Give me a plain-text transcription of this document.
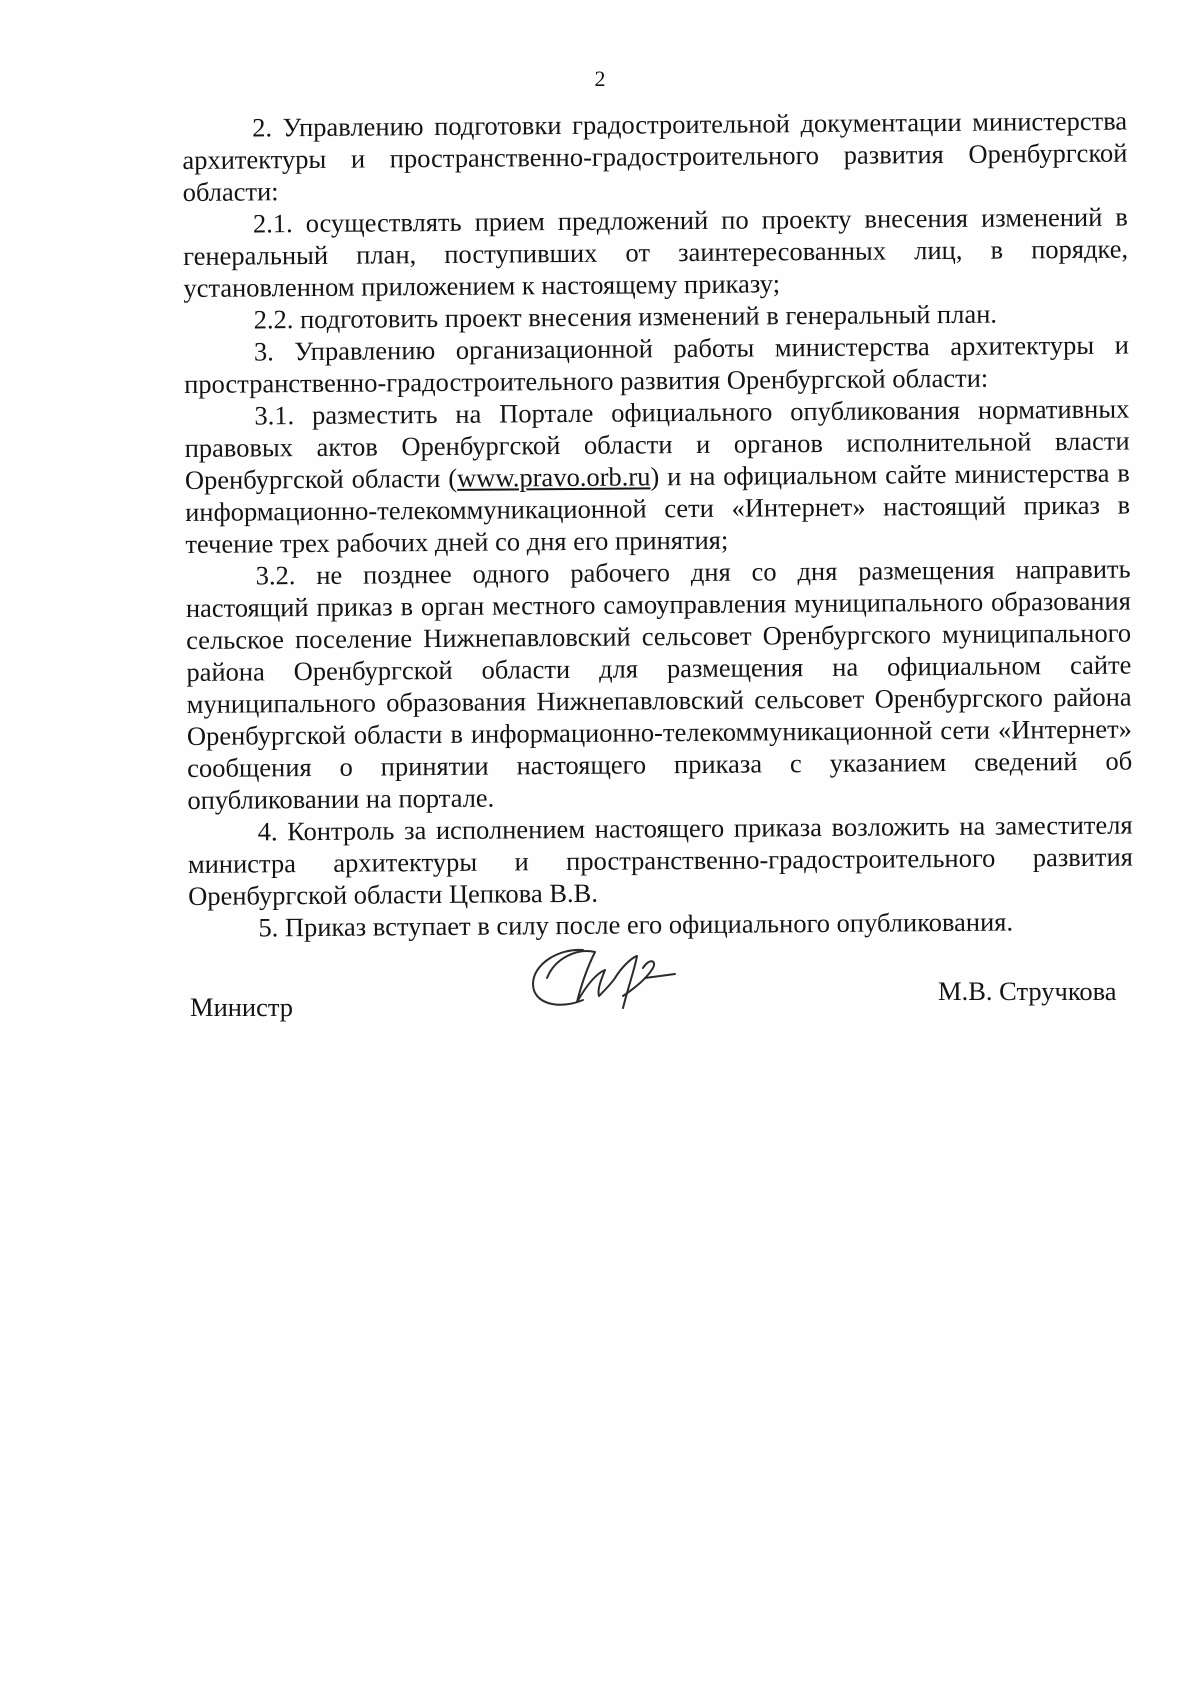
2

2. Управлению подготовки градостроительной документации министерства архитектуры и пространственно-градостроительного развития Оренбургской области:

2.1. осуществлять прием предложений по проекту внесения изменений в генеральный план, поступивших от заинтересованных лиц, в порядке, установленном приложением к настоящему приказу;

2.2. подготовить проект внесения изменений в генеральный план.

3. Управлению организационной работы министерства архитектуры и пространственно-градостроительного развития Оренбургской области:

3.1. разместить на Портале официального опубликования нормативных правовых актов Оренбургской области и органов исполнительной власти Оренбургской области (www.pravo.orb.ru) и на официальном сайте министерства в информационно-телекоммуникационной сети «Интернет» настоящий приказ в течение трех рабочих дней со дня его принятия;

3.2. не позднее одного рабочего дня со дня размещения направить настоящий приказ в орган местного самоуправления муниципального образования сельское поселение Нижнепавловский сельсовет Оренбургского муниципального района Оренбургской области для размещения на официальном сайте муниципального образования Нижнепавловский сельсовет Оренбургского района Оренбургской области в информационно-телекоммуникационной сети «Интернет» сообщения о принятии настоящего приказа с указанием сведений об опубликовании на портале.

4. Контроль за исполнением настоящего приказа возложить на заместителя министра архитектуры и пространственно-градостроительного развития Оренбургской области Цепкова В.В.

5. Приказ вступает в силу после его официального опубликования.

Министр
М.В. Стручкова
